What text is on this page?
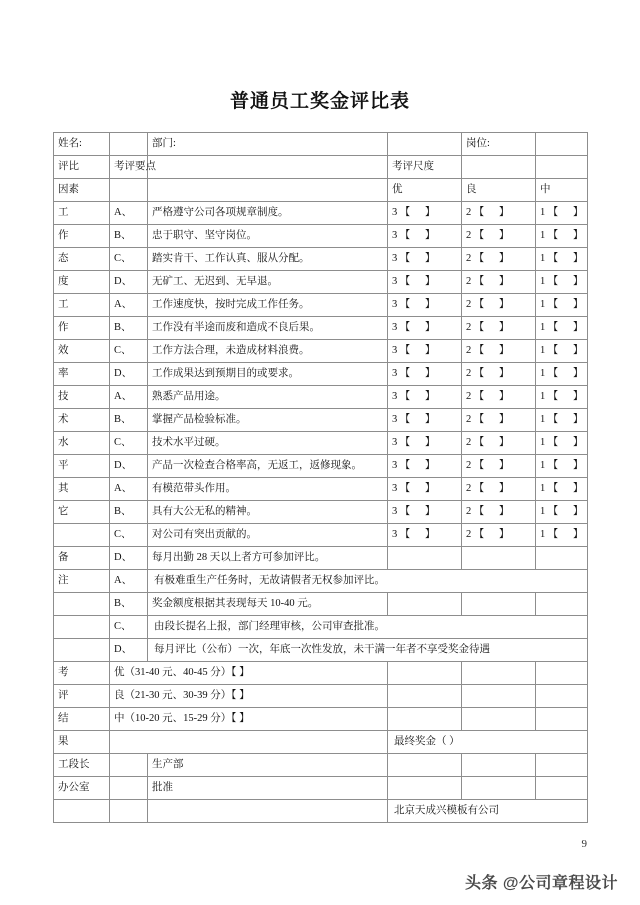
普通员工奖金评比表
姓名:		部门:		岗位:	
评比	考评要点		考评尺度		
因素			优	良	中
工	A、	严格遵守公司各项规章制度。	3 【 】	2 【 】	1 【 】
作	B、	忠于职守、坚守岗位。	3 【 】	2 【 】	1 【 】
态	C、	踏实肯干、工作认真、服从分配。	3 【 】	2 【 】	1 【 】
度	D、	无矿工、无迟到、无早退。	3 【 】	2 【 】	1 【 】
工	A、	工作速度快，按时完成工作任务。	3 【 】	2 【 】	1 【 】
作	B、	工作没有半途而废和造成不良后果。	3 【 】	2 【 】	1 【 】
效	C、	工作方法合理，未造成材料浪费。	3 【 】	2 【 】	1 【 】
率	D、	工作成果达到预期目的或要求。	3 【 】	2 【 】	1 【 】
技	A、	熟悉产品用途。	3 【 】	2 【 】	1 【 】
术	B、	掌握产品检验标准。	3 【 】	2 【 】	1 【 】
水	C、	技术水平过硬。	3 【 】	2 【 】	1 【 】
平	D、	产品一次检查合格率高，无返工，返修现象。	3 【 】	2 【 】	1 【 】
其	A、	有模范带头作用。	3 【 】	2 【 】	1 【 】
它	B、	具有大公无私的精神。	3 【 】	2 【 】	1 【 】
	C、	对公司有突出贡献的。	3 【 】	2 【 】	1 【 】
备	D、	每月出勤 28 天以上者方可参加评比。			
注	A、	有极难重生产任务时，无故请假者无权参加评比。			

	B、	奖金额度根据其表现每天 10-40 元。			
	C、	由段长提名上报，部门经理审核，公司审查批准。			

	D、	每月评比（公布）一次，年底一次性发放，未干满一年者不享受奖金待遇			

考	优（31-40 元、40-45 分）【 】				
评	良（21-30 元、30-39 分）【 】				
结	中（10-20 元、15-29 分）【 】				
果			最终奖金（ ）		

工段长		生产部			
办公室		批准			

			北京天成兴模板有公司		
9
头条 @公司章程设计
